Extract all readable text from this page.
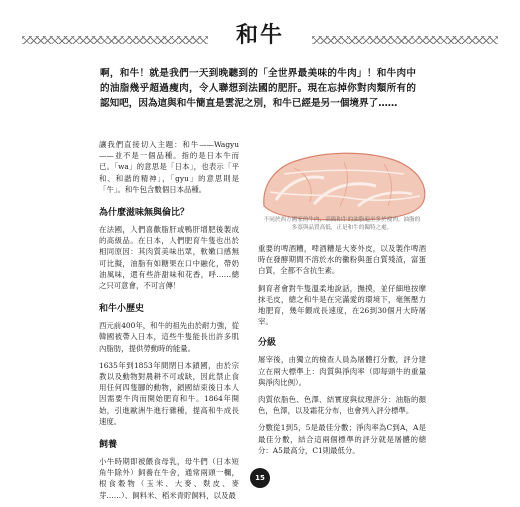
和牛
啊，和牛！就是我們一天到晚聽到的「全世界最美味的牛肉」！和牛肉中的油脂幾乎超過瘦肉，令人聯想到法國的肥肝。現在忘掉你對肉類所有的認知吧，因為這與和牛簡直是雲泥之別，和牛已經是另一個境界了……

讓我們直接切入主題：和牛——Wagyu——並不是一個品種。指的是日本牛而已。「wa」的意思是「日本」，也表示「平和、和諧的精神」，「gyu」的意思則是「牛」。和牛包含數個日本品種。

為什麼滋味無與倫比？

在法國，人們喜歡脂肝或鴨肝增肥後製成的高級品。在日本，人們肥育牛隻也出於相同原因：其肉質美味出眾，軟嫩口感無可比擬，油脂有如糖果在口中融化，帶奶油風味，還有些許甜味和花香，呼……總之只可意會，不可言傳！

和牛小歷史

西元前400年，和牛的祖先由於耐力強，從韓國被帶入日本，這些牛隻能長出許多肌內脂肪，提供勞動時的能量。

1635年到1853年間閉日本鎖國，由於宗教以及動物對農耕不可或缺，因此禁止食用任何四隻腳的動物，鎖國結束後日本人因需要牛肉而開始肥育和牛。1864年開始，引進歐洲牛進行雜種，提高和牛成長速度。

飼養

小牛時期即被餵食母乳，母牛們（日本短角牛除外）飼養在牛舍，通常兩頭一欄，根食穀物（玉米、大麥、麩皮、麥芽……）、飼料米、稻米青貯飼料，以及最

不同於西方國家的牛肉，高級和牛的油脂遍至多於瘦肉。油脂的多寡與品質高低，正是和牛的獨特之處。

重要的啤酒糟，啤酒糟是大麥外皮，以及製作啤酒時在發酵期間不溶於水的黴粉與蛋白質殘渣，富蛋白質，全都不含抗生素。

飼育者會對牛隻溫柔地說話，撫摸，並仔細地按摩抹毛皮，總之和牛是在完滿愛的環境下，毫無壓力地肥育，幾年餵成長速度，在26到30個月大時屠宰。

分級

屠宰後，由獨立的檢查人員為屠體打分數，評分建立在兩大標準上：肉質與淨肉率（即每頭牛的重量與淨肉比例）。

肉質依脂色、色澤、結實度與紋理評分：油脂的顏色，色澤，以及霜花分布，也會列入評分標準。

分數從1到5，5是最佳分數；淨肉率為C到A，A是最佳分數，結合這兩個標準的評分就是屠體的總分：A5最高分，C1則最低分。

15
